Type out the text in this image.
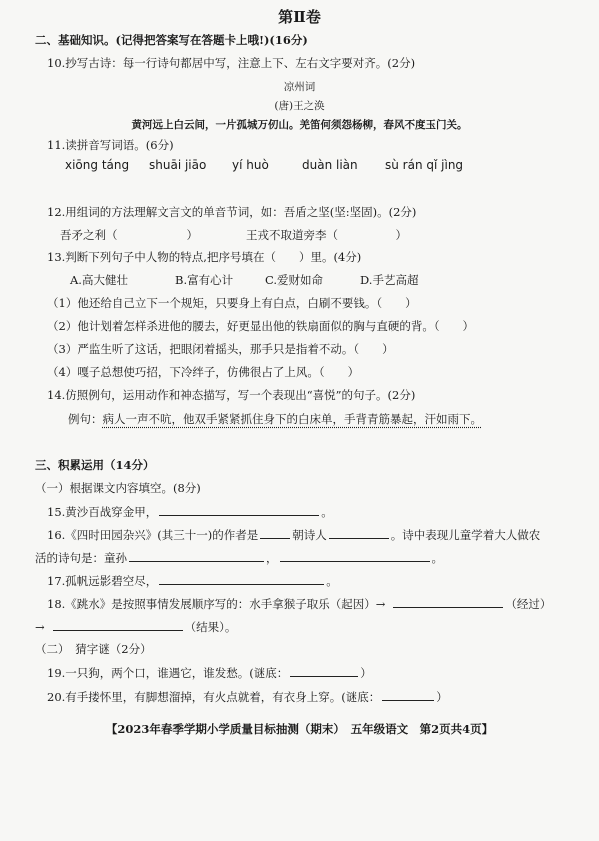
第Ⅱ卷
二、基础知识。(记得把答案写在答题卡上哦!)(16分)
10.抄写古诗：每一行诗句都居中写，注意上下、左右文字要对齐。(2分)
凉州词
(唐)王之涣
黄河远上白云间，一片孤城万仞山。羌笛何须怨杨柳，春风不度玉门关。
11.读拼音写词语。(6分)
xiōng táng shuāi jiāo yí huò	duàn liàn sù rán qǐ jìng
12.用组词的方法理解文言文的单音节词，如：吾盾之坚(坚:坚固)。(2分)
吾矛之利（　　　　　　）	王戎不取道旁李（　　　　　）
13.判断下列句子中人物的特点,把序号填在（　　）里。(4分)
A.高大健壮	B.富有心计	C.爱财如命	D.手艺高超
（1）他还给自己立下一个规矩，只要身上有白点，白刷不要钱。（　　）
（2）他计划着怎样杀进他的腰去，好更显出他的铁扇面似的胸与直硬的背。（　　）
（3）严监生听了这话，把眼闭着摇头，那手只是指着不动。（　　）
（4）嘎子总想使巧招，下冷绊子，仿佛很占了上风。（　　）
14.仿照例句，运用动作和神态描写，写一个表现出“喜悦”的句子。(2分)
例句：病人一声不吭，他双手紧紧抓住身下的白床单，手背青筋暴起，汗如雨下。
三、积累运用（14分）
（一）根据课文内容填空。(8分)
15.黄沙百战穿金甲，	。
16.《四时田园杂兴》(其三十一)的作者是	朝诗人	。诗中表现儿童学着大人做农
活的诗句是：童孙	，	。
17.孤帆远影碧空尽，	。
18.《跳水》是按照事情发展顺序写的：水手拿猴子取乐（起因）→	（经过）
→	（结果）。
（二）　猜字谜（2分）
19.一只狗，两个口，谁遇它，谁发愁。(谜底：	）
20.有手搂怀里，有脚想溜掉，有火点就着，有衣身上穿。(谜底：	）
【2023年春季学期小学质量目标抽测（期末）　五年级语文　第2页共4页】
